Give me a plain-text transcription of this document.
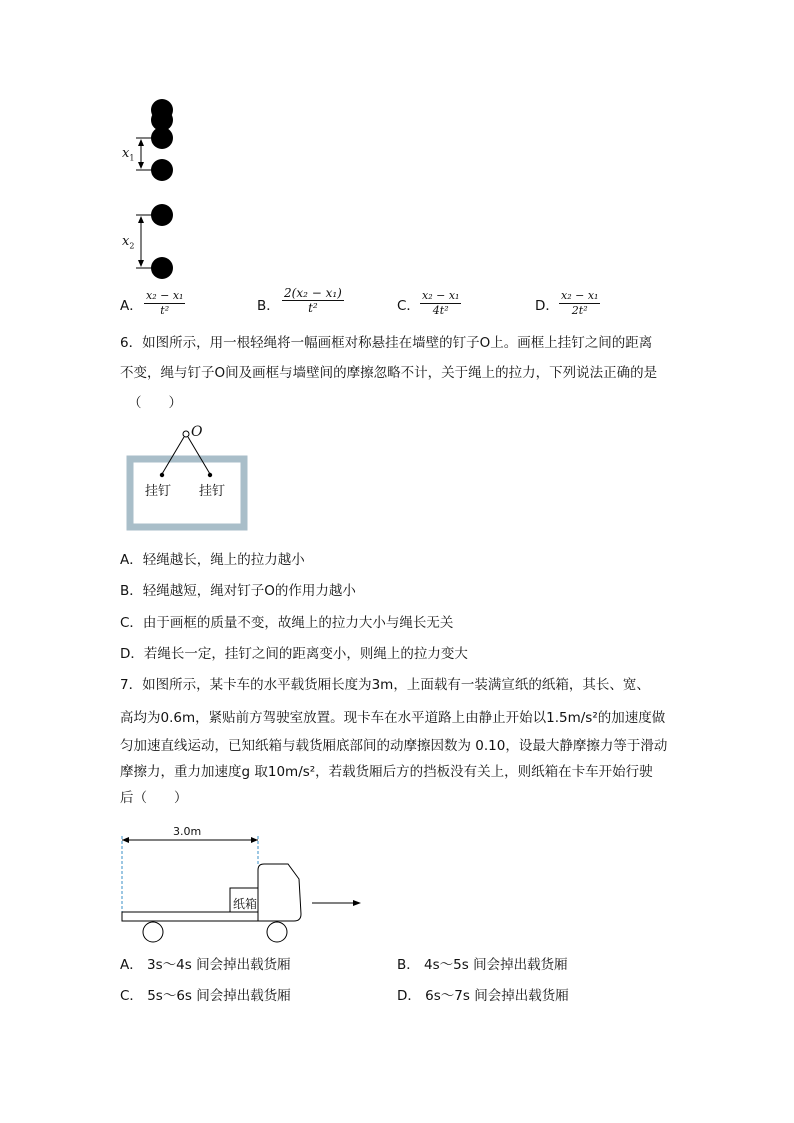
$x_1$
$x_2$
A． $\frac{\text{x₂ − x₁}}{\text{t²}}$	B． $\frac{\text{2(x₂ − x₁)}}{\text{t²}}$	C． $\frac{\text{x₂ − x₁}}{\text{4t²}}$	D． $\frac{\text{x₂ − x₁}}{\text{2t²}}$
6．如图所示，用一根轻绳将一幅画框对称悬挂在墙壁的钉子O上。画框上挂钉之间的距离
不变，绳与钉子O间及画框与墙壁间的摩擦忽略不计，关于绳上的拉力，下列说法正确的是
（　　）
O
挂钉 挂钉
A．轻绳越长，绳上的拉力越小
B．轻绳越短，绳对钉子O的作用力越小
C．由于画框的质量不变，故绳上的拉力大小与绳长无关
D．若绳长一定，挂钉之间的距离变小，则绳上的拉力变大
7．如图所示，某卡车的水平载货厢长度为3m，上面载有一装满宣纸的纸箱，其长、宽、
高均为0.6m，紧贴前方驾驶室放置。现卡车在水平道路上由静止开始以1.5m/s²的加速度做
匀加速直线运动，已知纸箱与载货厢底部间的动摩擦因数为 0.10，设最大静摩擦力等于滑动
摩擦力，重力加速度g 取10m/s²，若载货厢后方的挡板没有关上，则纸箱在卡车开始行驶
后（　　）
3.0m
纸箱
A． 3s～4s 间会掉出载货厢	B． 4s～5s 间会掉出载货厢
C． 5s～6s 间会掉出载货厢	D． 6s～7s 间会掉出载货厢
